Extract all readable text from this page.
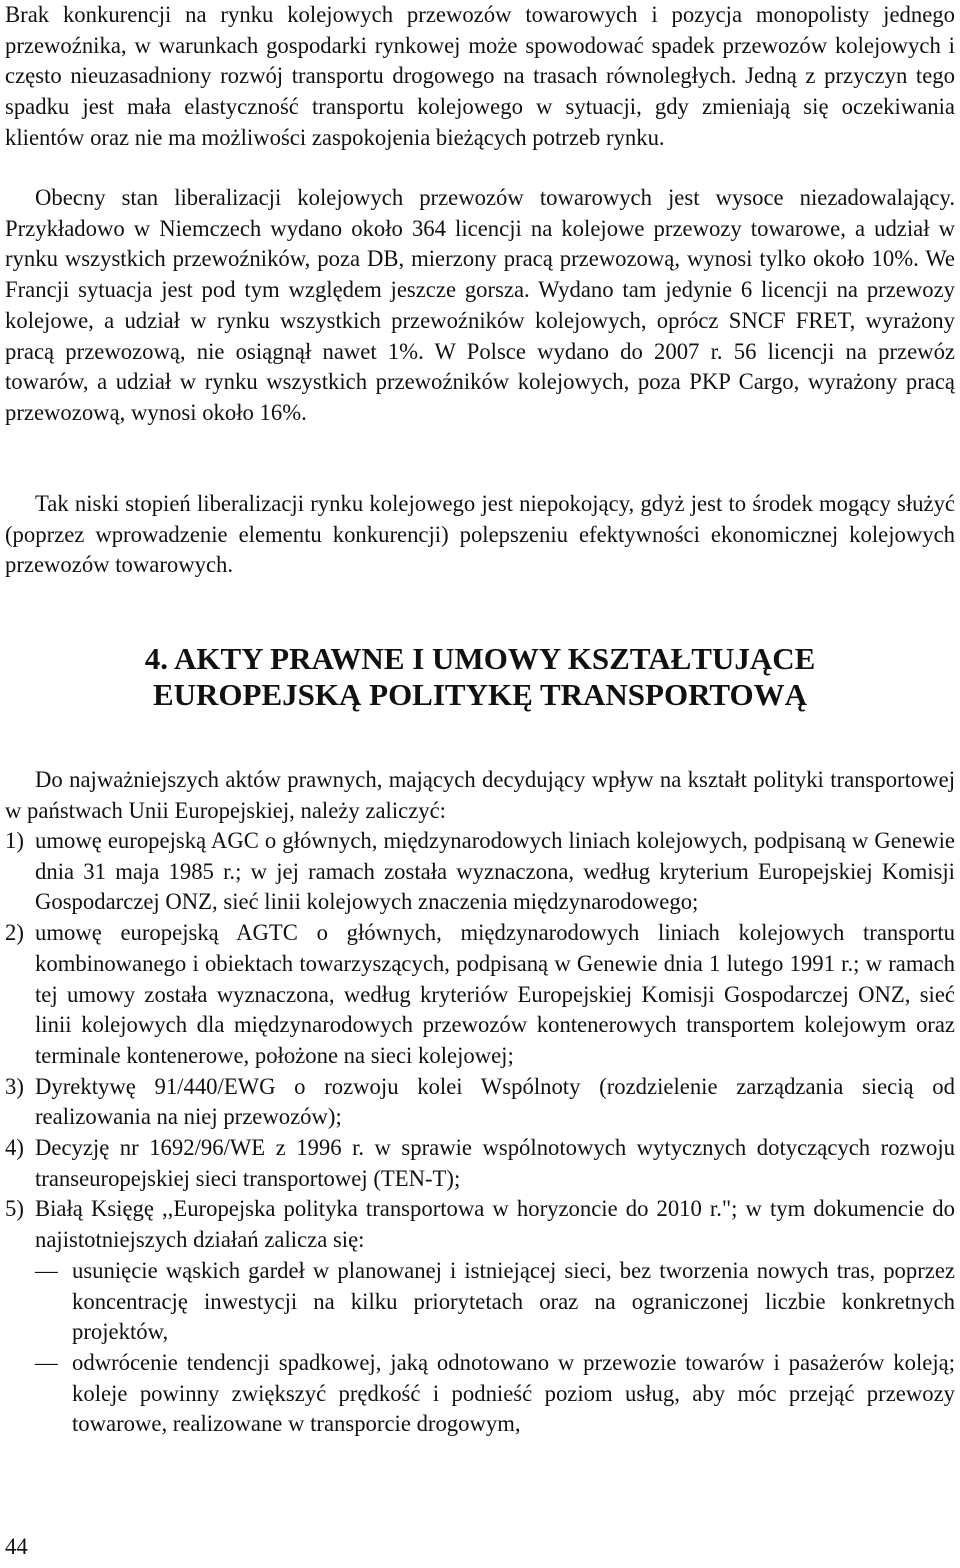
Brak konkurencji na rynku kolejowych przewozów towarowych i pozycja monopolisty jednego przewoźnika, w warunkach gospodarki rynkowej może spowodować spadek przewozów kolejowych i często nieuzasadniony rozwój transportu drogowego na trasach równoległych. Jedną z przyczyn tego spadku jest mała elastyczność transportu kolejowego w sytuacji, gdy zmieniają się oczekiwania klientów oraz nie ma możliwości zaspokojenia bieżących potrzeb rynku.

Obecny stan liberalizacji kolejowych przewozów towarowych jest wysoce niezadowalający. Przykładowo w Niemczech wydano około 364 licencji na kolejowe przewozy towarowe, a udział w rynku wszystkich przewoźników, poza DB, mierzony pracą przewozową, wynosi tylko około 10%. We Francji sytuacja jest pod tym względem jeszcze gorsza. Wydano tam jedynie 6 licencji na przewozy kolejowe, a udział w rynku wszystkich przewoźników kolejowych, oprócz SNCF FRET, wyrażony pracą przewozową, nie osiągnął nawet 1%. W Polsce wydano do 2007 r. 56 licencji na przewóz towarów, a udział w rynku wszystkich przewoźników kolejowych, poza PKP Cargo, wyrażony pracą przewozową, wynosi około 16%.

Tak niski stopień liberalizacji rynku kolejowego jest niepokojący, gdyż jest to środek mogący służyć (poprzez wprowadzenie elementu konkurencji) polepszeniu efektywności ekonomicznej kolejowych przewozów towarowych.

4. AKTY PRAWNE I UMOWY KSZTAŁTUJĄCE
EUROPEJSKĄ POLITYKĘ TRANSPORTOWĄ

Do najważniejszych aktów prawnych, mających decydujący wpływ na kształt polityki transportowej w państwach Unii Europejskiej, należy zaliczyć:

1) umowę europejską AGC o głównych, międzynarodowych liniach kolejowych, podpisaną w Genewie dnia 31 maja 1985 r.; w jej ramach została wyznaczona, według kryterium Europejskiej Komisji Gospodarczej ONZ, sieć linii kolejowych znaczenia międzynarodowego;
2) umowę europejską AGTC o głównych, międzynarodowych liniach kolejowych transportu kombinowanego i obiektach towarzyszących, podpisaną w Genewie dnia 1 lutego 1991 r.; w ramach tej umowy została wyznaczona, według kryteriów Europejskiej Komisji Gospodarczej ONZ, sieć linii kolejowych dla międzynarodowych przewozów kontenerowych transportem kolejowym oraz terminale kontenerowe, położone na sieci kolejowej;
3) Dyrektywę 91/440/EWG o rozwoju kolei Wspólnoty (rozdzielenie zarządzania siecią od realizowania na niej przewozów);
4) Decyzję nr 1692/96/WE z 1996 r. w sprawie wspólnotowych wytycznych dotyczących rozwoju transeuropejskiej sieci transportowej (TEN-T);
5) Białą Księgę ,,Europejska polityka transportowa w horyzoncie do 2010 r."; w tym dokumencie do najistotniejszych działań zalicza się:
— usunięcie wąskich gardeł w planowanej i istniejącej sieci, bez tworzenia nowych tras, poprzez koncentrację inwestycji na kilku priorytetach oraz na ograniczonej liczbie konkretnych projektów,
— odwrócenie tendencji spadkowej, jaką odnotowano w przewozie towarów i pasażerów koleją; koleje powinny zwiększyć prędkość i podnieść poziom usług, aby móc przejąć przewozy towarowe, realizowane w transporcie drogowym,
44
